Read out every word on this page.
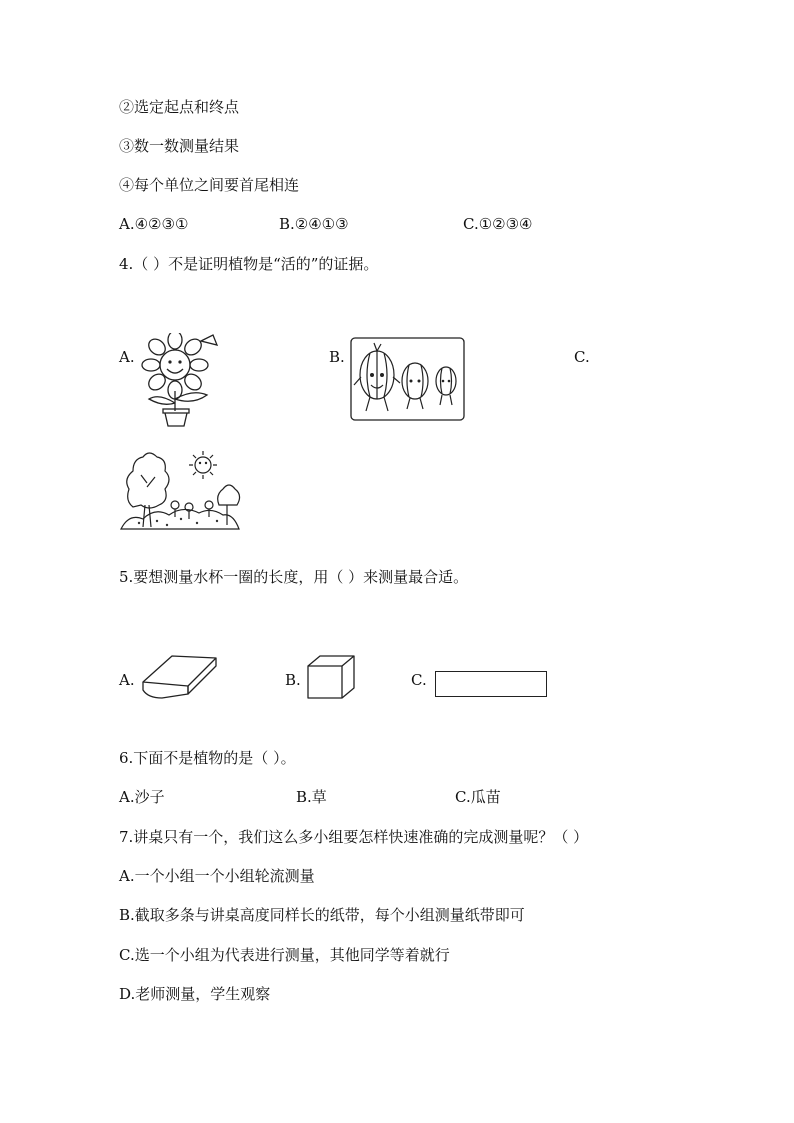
②选定起点和终点
③数一数测量结果
④每个单位之间要首尾相连
A.④②③①	B.②④①③	C.①②③④
4.（ ）不是证明植物是“活的”的证据。
A.	B.	C.
5.要想测量水杯一圈的长度，用（ ）来测量最合适。
A.	B.	C.
6.下面不是植物的是（ ）。
A.沙子	B.草	C.瓜苗
7.讲桌只有一个，我们这么多小组要怎样快速准确的完成测量呢？（ ）
A.一个小组一个小组轮流测量
B.截取多条与讲桌高度同样长的纸带，每个小组测量纸带即可
C.选一个小组为代表进行测量，其他同学等着就行
D.老师测量，学生观察
